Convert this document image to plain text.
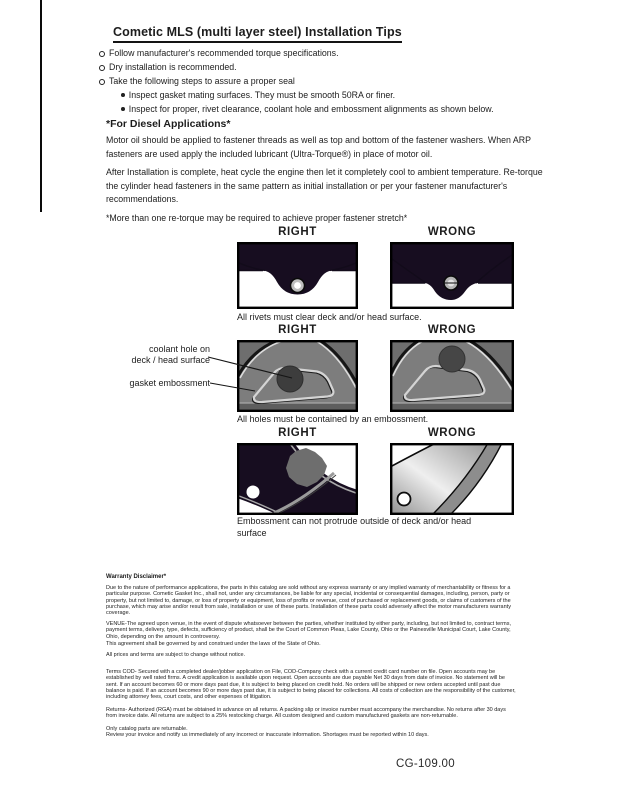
Cometic MLS (multi layer steel) Installation Tips
Follow manufacturer's recommended torque specifications.
Dry installation is recommended.
Take the following steps to assure a proper seal
Inspect gasket mating surfaces. They must be smooth 50RA or finer.
Inspect for proper, rivet clearance, coolant hole and embossment alignments as shown below.
*For Diesel Applications*
Motor oil should be applied to fastener threads as well as top and bottom of the fastener washers. When ARP fasteners are used apply the included lubricant (Ultra-Torque®) in place of motor oil.
After Installation is complete, heat cycle the engine then let it completely cool to ambient temperature. Re-torque the cylinder head fasteners in the same pattern as initial installation or per your fastener manufacturer's recommendations.
*More than one re-torque may be required to achieve proper fastener stretch*
RIGHT	WRONG
All rivets must clear deck and/or head surface.
RIGHT	WRONG
coolant hole on
deck / head surface
gasket embossment
All holes must be contained by an embossment.
RIGHT	WRONG
Embossment can not protrude outside of deck and/or head surface
Warranty Disclaimer*
Due to the nature of performance applications, the parts in this catalog are sold without any express warranty or any implied warranty of merchantability or fitness for a particular purpose. Cometic Gasket Inc., shall not, under any circumstances, be liable for any special, incidental or consequential damages, including, person, party or property, but not limited to, damage, or loss of property or equipment, loss of profits or revenue, cost of purchased or replacement goods, or claims of customers of the purchase, which may arise and/or result from sale, installation or use of these parts. Installation of these parts could adversely affect the motor manufacturers warranty coverage.
VENUE-The agreed upon venue, in the event of dispute whatsoever between the parties, whether instituted by either party, including, but not limited to, contract terms, payment terms, delivery, type, defects, sufficiency of product, shall be the Court of Common Pleas, Lake County, Ohio or the Painesville Municipal Court, Lake County, Ohio, depending on the amount in controversy.
This agreement shall be governed by and construed under the laws of the State of Ohio.
All prices and terms are subject to change without notice.
Terms COD- Secured with a completed dealer/jobber application on File, COD-Company check with a current credit card number on file. Open accounts may be established by well rated firms. A credit application is available upon request. Open accounts are due payable Net 30 days from date of invoice. No statement will be sent. If an account becomes 60 or more days past due, it is subject to being placed on credit hold. No orders will be shipped or new orders accepted until past due balance is paid. If an account becomes 90 or more days past due, it is subject to being placed for collections. All costs of collection are the responsibility of the customer, including attorney fees, court costs, and other expenses of litigation.
Returns- Authorized (RGA) must be obtained in advance on all returns. A packing slip or invoice number must accompany the merchandise. No returns after 30 days from invoice date. All returns are subject to a 25% restocking charge. All custom designed and custom manufactured gaskets are non-returnable.
Only catalog parts are returnable.
Review your invoice and notify us immediately of any incorrect or inaccurate information. Shortages must be reported within 10 days.
CG-109.00
